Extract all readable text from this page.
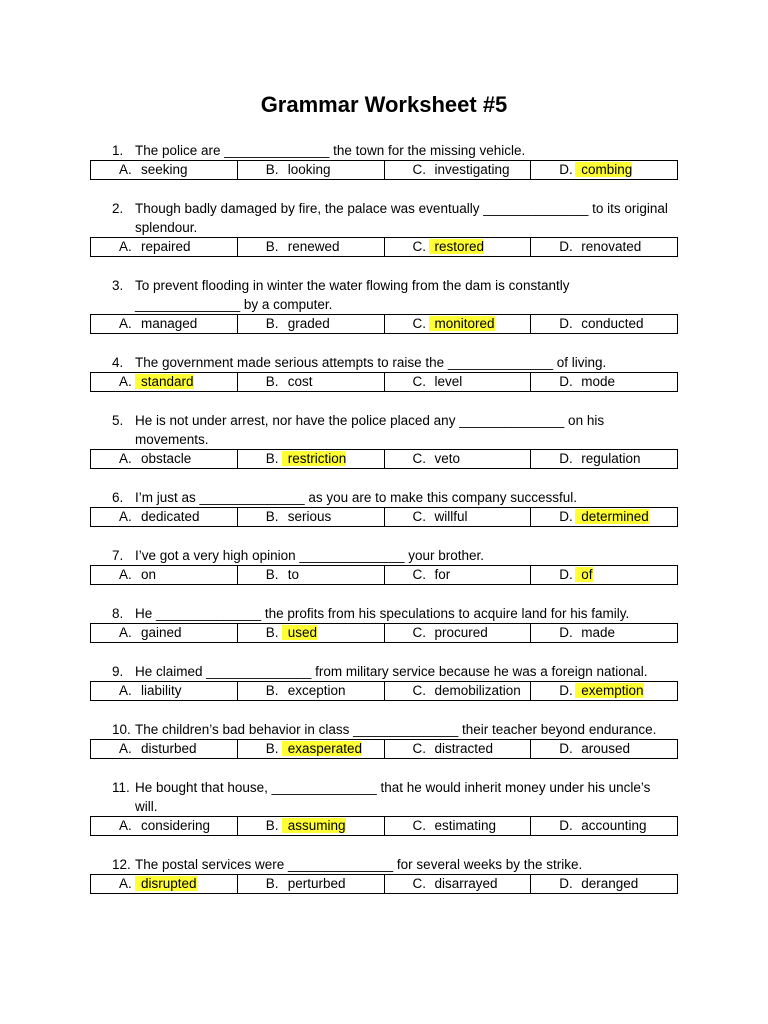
Grammar Worksheet #5
1. The police are ______________ the town for the missing vehicle.
A. seeking	B. looking	C. investigating	D. combing
2. Though badly damaged by fire, the palace was eventually ______________ to its original
splendour.
A. repaired	B. renewed	C. restored	D. renovated
3. To prevent flooding in winter the water flowing from the dam is constantly
______________ by a computer.
A. managed	B. graded	C. monitored	D. conducted
4. The government made serious attempts to raise the ______________ of living.
A. standard	B. cost	C. level	D. mode
5. He is not under arrest, nor have the police placed any ______________ on his
movements.
A. obstacle	B. restriction	C. veto	D. regulation
6. I’m just as ______________ as you are to make this company successful.
A. dedicated	B. serious	C. willful	D. determined
7. I’ve got a very high opinion ______________ your brother.
A. on	B. to	C. for	D. of
8. He ______________ the profits from his speculations to acquire land for his family.
A. gained	B. used	C. procured	D. made
9. He claimed ______________ from military service because he was a foreign national.
A. liability	B. exception	C. demobilization	D. exemption
10. The children’s bad behavior in class ______________ their teacher beyond endurance.
A. disturbed	B. exasperated	C. distracted	D. aroused
11. He bought that house, ______________ that he would inherit money under his uncle’s
will.
A. considering	B. assuming	C. estimating	D. accounting
12. The postal services were ______________ for several weeks by the strike.
A. disrupted	B. perturbed	C. disarrayed	D. deranged
